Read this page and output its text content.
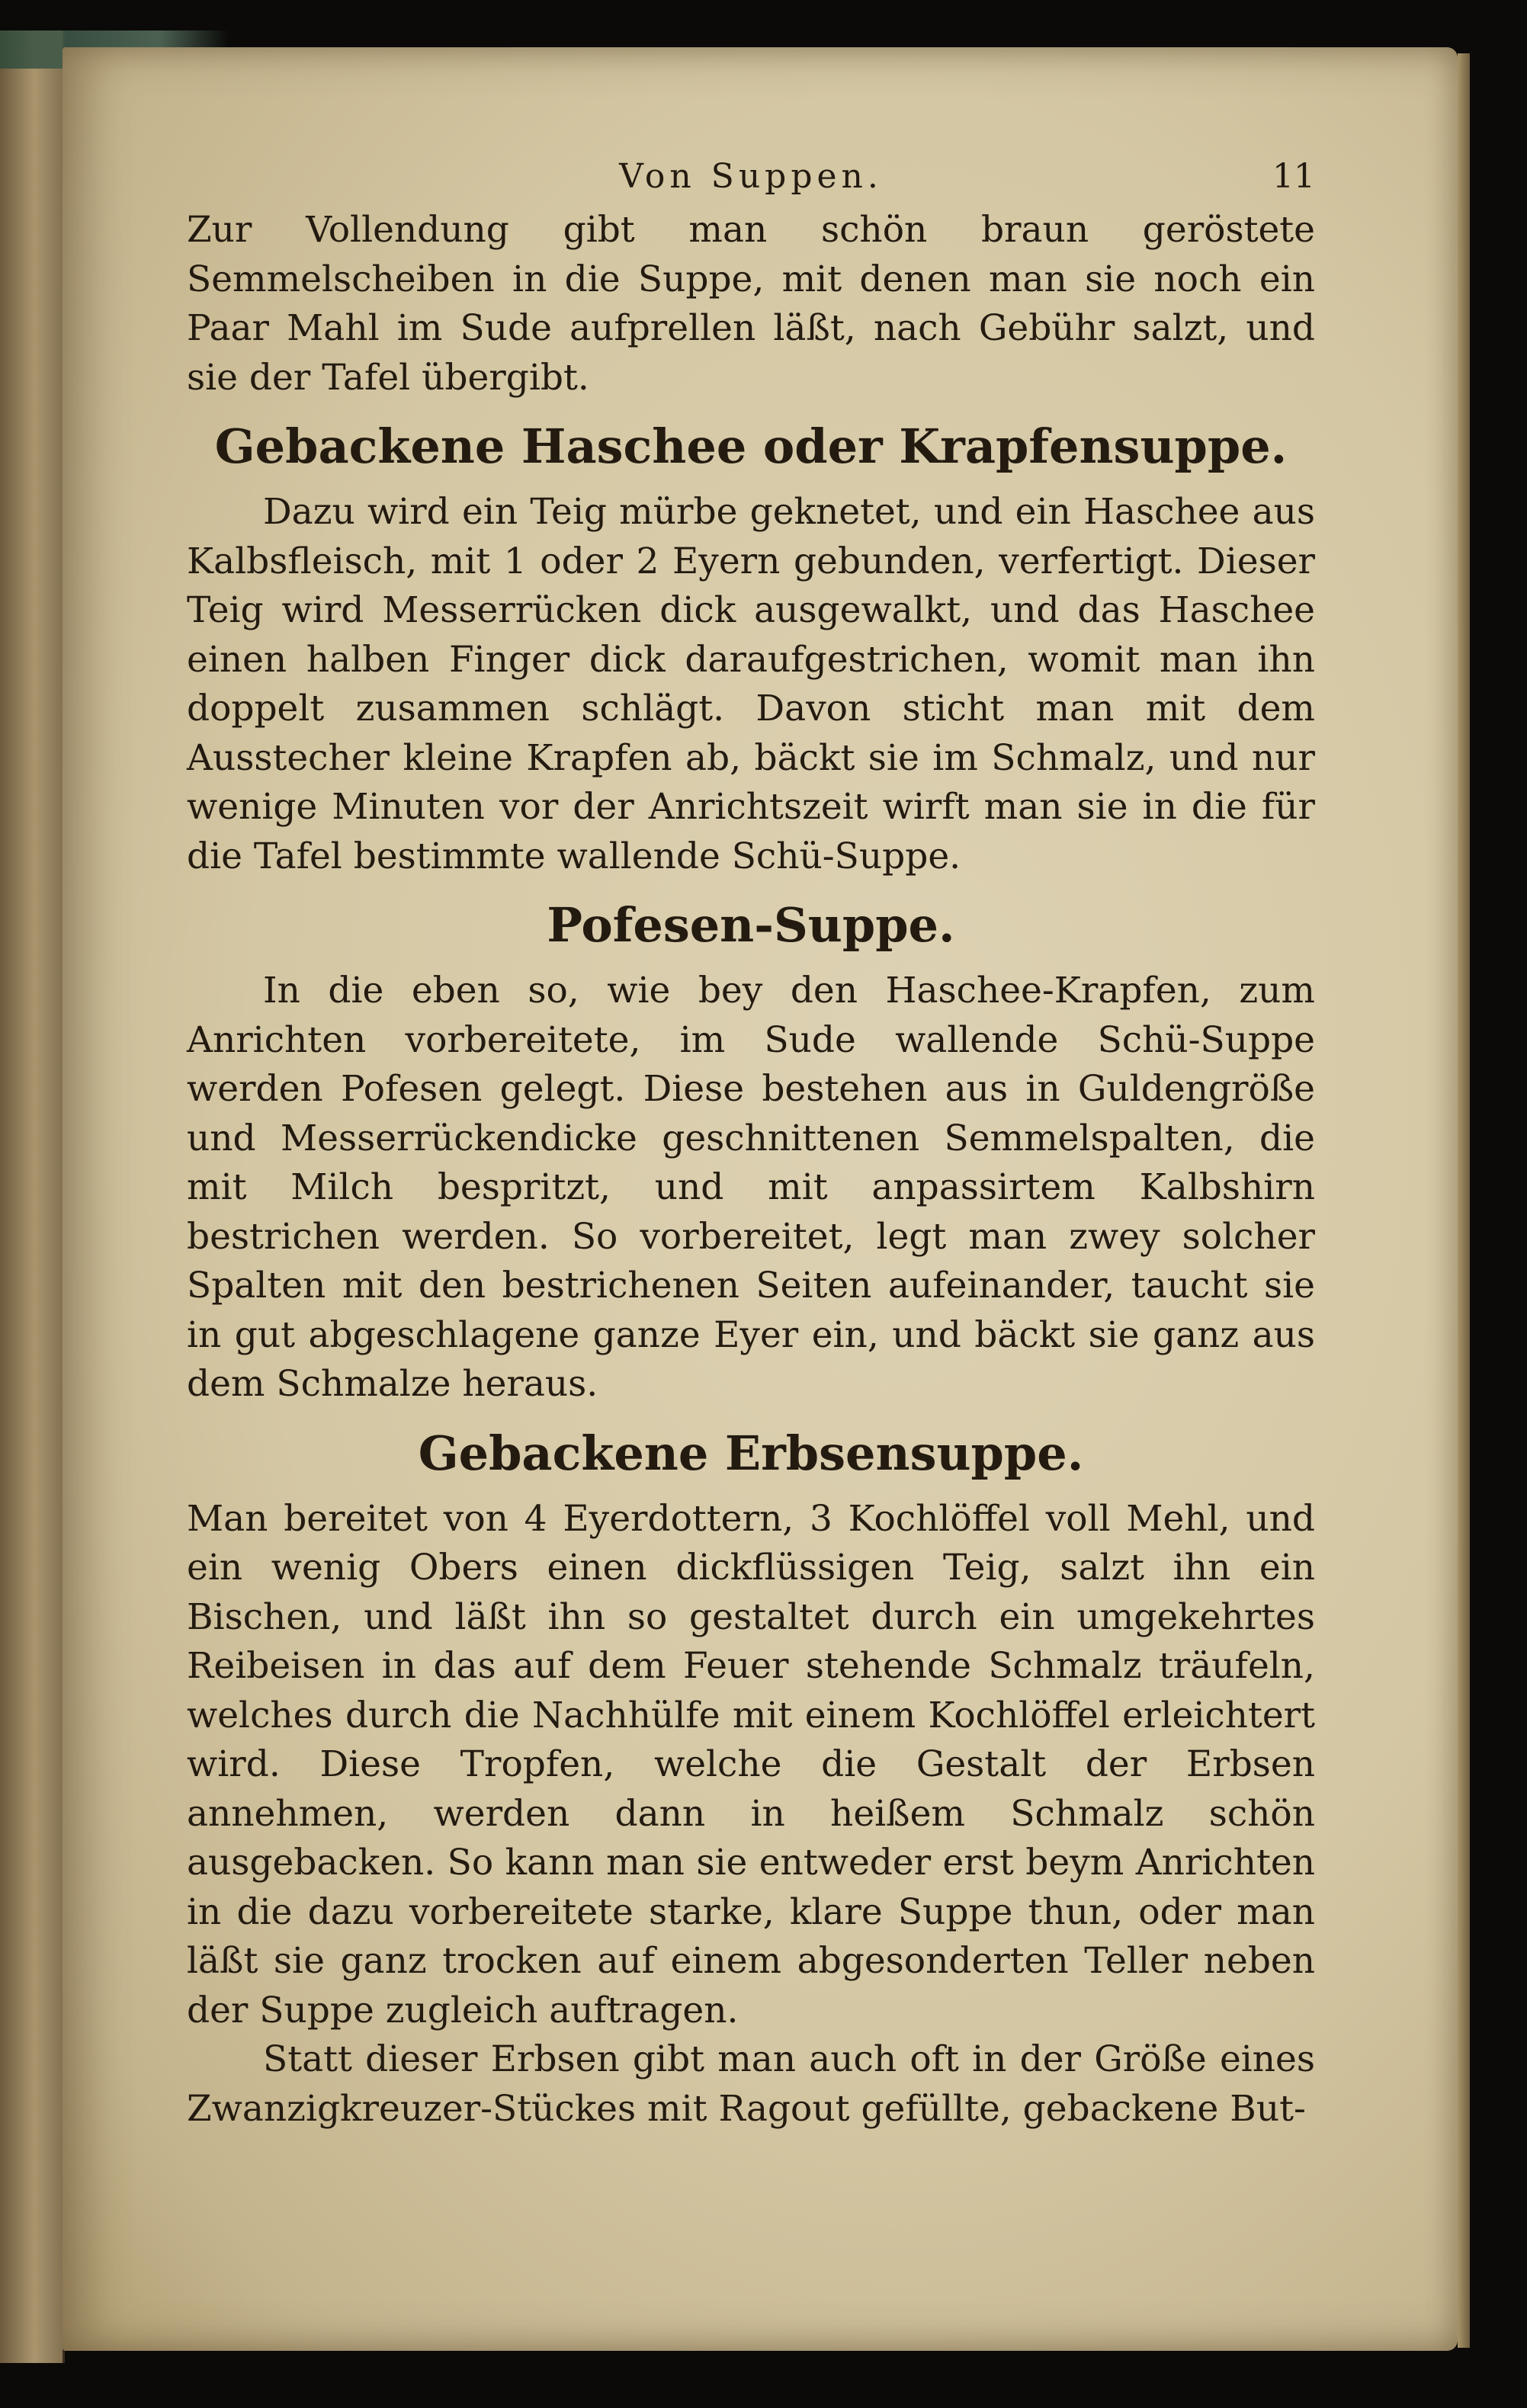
Von Suppen.	11

Zur Vollendung gibt man schön braun geröstete Semmelscheiben in die Suppe, mit denen man sie noch ein Paar Mahl im Sude aufprellen läßt, nach Gebühr salzt, und sie der Tafel übergibt.

Gebackene Haschee oder Krapfensuppe.

Dazu wird ein Teig mürbe geknetet, und ein Haschee aus Kalbsfleisch, mit 1 oder 2 Eyern gebunden, verfertigt. Dieser Teig wird Messerrücken dick ausgewalkt, und das Haschee einen halben Finger dick daraufgestrichen, womit man ihn doppelt zusammen schlägt. Davon sticht man mit dem Ausstecher kleine Krapfen ab, bäckt sie im Schmalz, und nur wenige Minuten vor der Anrichtszeit wirft man sie in die für die Tafel bestimmte wallende Schü-Suppe.

Pofesen-Suppe.

In die eben so, wie bey den Haschee-Krapfen, zum Anrichten vorbereitete, im Sude wallende Schü-Suppe werden Pofesen gelegt. Diese bestehen aus in Guldengröße und Messerrückendicke geschnittenen Semmelspalten, die mit Milch bespritzt, und mit anpassirtem Kalbshirn bestrichen werden. So vorbereitet, legt man zwey solcher Spalten mit den bestrichenen Seiten aufeinander, taucht sie in gut abgeschlagene ganze Eyer ein, und bäckt sie ganz aus dem Schmalze heraus.

Gebackene Erbsensuppe.

Man bereitet von 4 Eyerdottern, 3 Kochlöffel voll Mehl, und ein wenig Obers einen dickflüssigen Teig, salzt ihn ein Bischen, und läßt ihn so gestaltet durch ein umgekehrtes Reibeisen in das auf dem Feuer stehende Schmalz träufeln, welches durch die Nachhülfe mit einem Kochlöffel erleichtert wird. Diese Tropfen, welche die Gestalt der Erbsen annehmen, werden dann in heißem Schmalz schön ausgebacken. So kann man sie entweder erst beym Anrichten in die dazu vorbereitete starke, klare Suppe thun, oder man läßt sie ganz trocken auf einem abgesonderten Teller neben der Suppe zugleich auftragen.

Statt dieser Erbsen gibt man auch oft in der Größe eines Zwanzigkreuzer-Stückes mit Ragout gefüllte, gebackene But-
